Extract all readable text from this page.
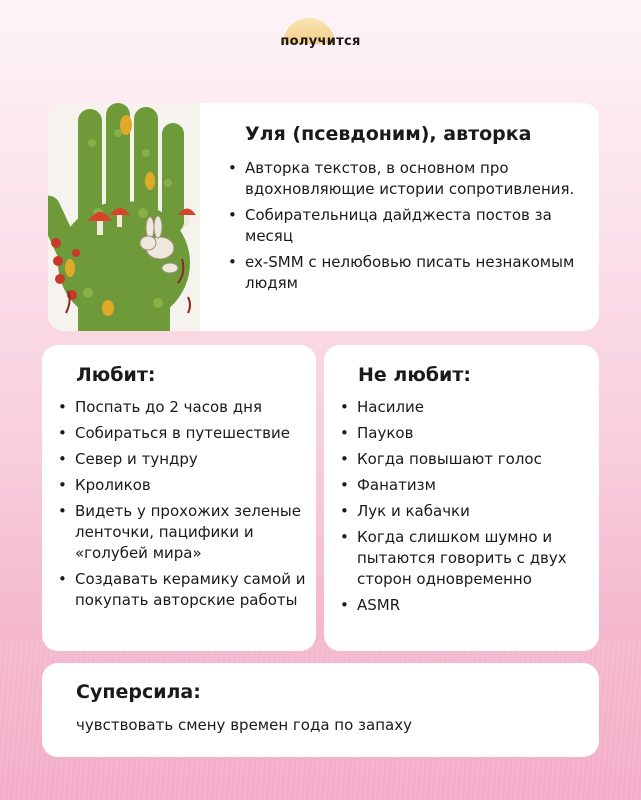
получится
Уля (псевдоним), авторка
• Авторка текстов, в основном про вдохновляющие истории сопротивления.
• Собирательница дайджеста постов за месяц
• ex-SMM с нелюбовью писать незнакомым людям
Любит:
• Поспать до 2 часов дня
• Собираться в путешествие
• Север и тундру
• Кроликов
• Видеть у прохожих зеленые ленточки, пацифики и «голубей мира»
• Создавать керамику самой и покупать авторские работы
Не любит:
• Насилие
• Пауков
• Когда повышают голос
• Фанатизм
• Лук и кабачки
• Когда слишком шумно и пытаются говорить с двух сторон одновременно
• ASMR
Суперсила:
чувствовать смену времен года по запаху
